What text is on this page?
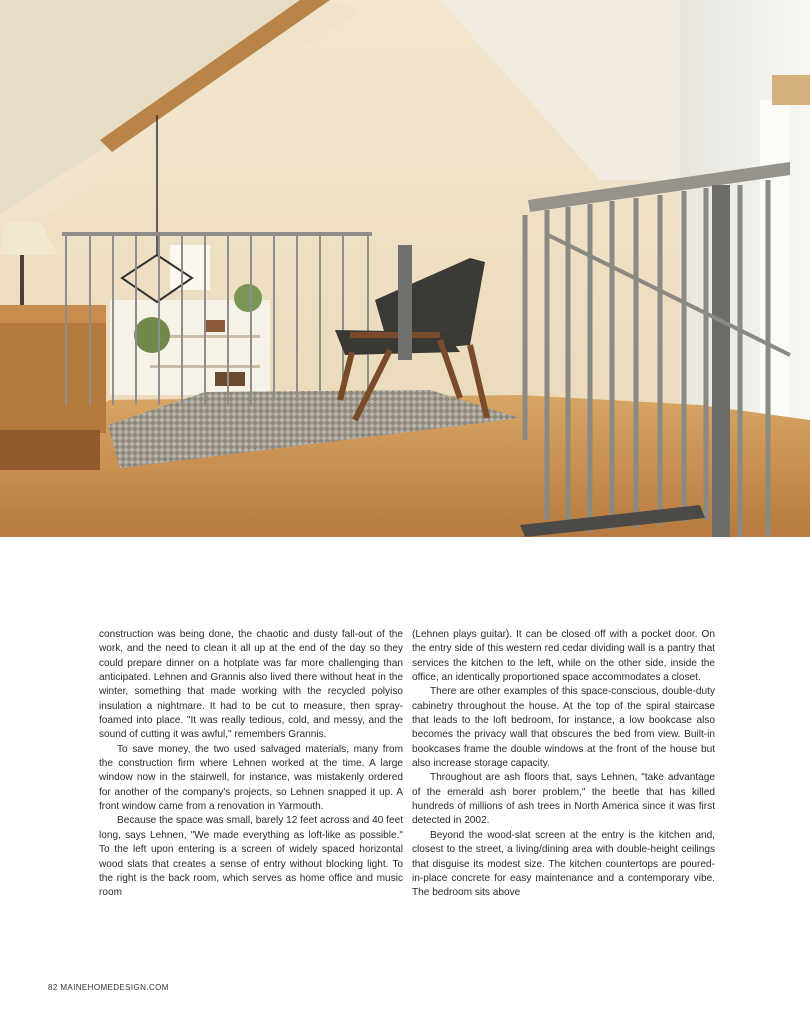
construction was being done, the chaotic and dusty fall-out of the work, and the need to clean it all up at the end of the day so they could prepare dinner on a hotplate was far more challenging than anticipated. Lehnen and Grannis also lived there without heat in the winter, something that made working with the recycled polyiso insulation a nightmare. It had to be cut to measure, then spray-foamed into place. "It was really tedious, cold, and messy, and the sound of cutting it was awful," remembers Grannis.

To save money, the two used salvaged materials, many from the construction firm where Lehnen worked at the time. A large window now in the stairwell, for instance, was mistakenly ordered for another of the company's projects, so Lehnen snapped it up. A front window came from a renovation in Yarmouth.

Because the space was small, barely 12 feet across and 40 feet long, says Lehnen, "We made everything as loft-like as possible." To the left upon entering is a screen of widely spaced horizontal wood slats that creates a sense of entry without blocking light. To the right is the back room, which serves as home office and music room

(Lehnen plays guitar). It can be closed off with a pocket door. On the entry side of this western red cedar dividing wall is a pantry that services the kitchen to the left, while on the other side, inside the office, an identically proportioned space accommodates a closet.

There are other examples of this space-conscious, double-duty cabinetry throughout the house. At the top of the spiral staircase that leads to the loft bedroom, for instance, a low bookcase also becomes the privacy wall that obscures the bed from view. Built-in bookcases frame the double windows at the front of the house but also increase storage capacity.

Throughout are ash floors that, says Lehnen, "take advantage of the emerald ash borer problem," the beetle that has killed hundreds of millions of ash trees in North America since it was first detected in 2002.

Beyond the wood-slat screen at the entry is the kitchen and, closest to the street, a living/dining area with double-height ceilings that disguise its modest size. The kitchen countertops are poured-in-place concrete for easy maintenance and a contemporary vibe. The bedroom sits above

82 MAINEHOMEDESIGN.COM
